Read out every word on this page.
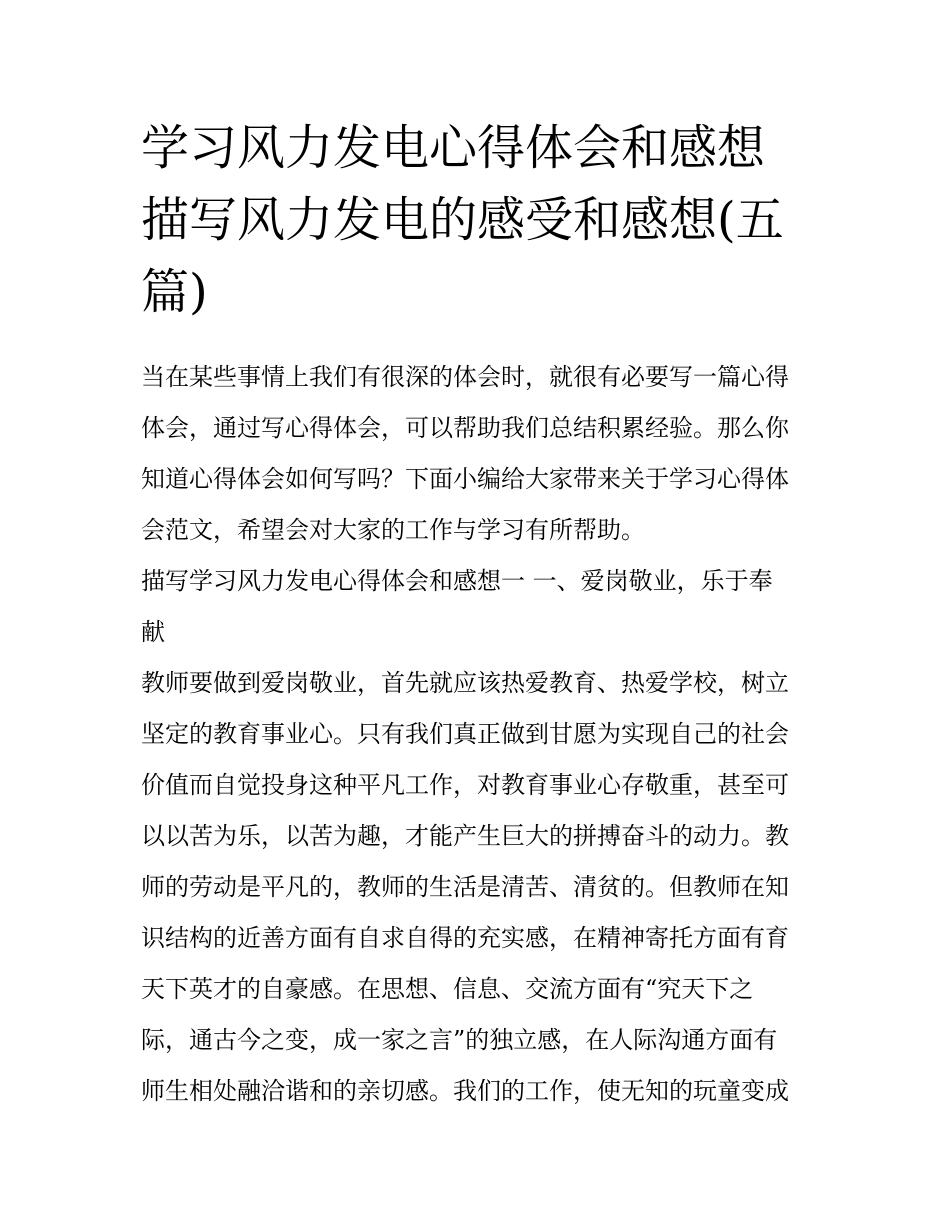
学习风力发电心得体会和感想
描写风力发电的感受和感想(五
篇)
当在某些事情上我们有很深的体会时，就很有必要写一篇心得
体会，通过写心得体会，可以帮助我们总结积累经验。那么你
知道心得体会如何写吗？下面小编给大家带来关于学习心得体
会范文，希望会对大家的工作与学习有所帮助。
描写学习风力发电心得体会和感想一 一、爱岗敬业，乐于奉
献
教师要做到爱岗敬业，首先就应该热爱教育、热爱学校，树立
坚定的教育事业心。只有我们真正做到甘愿为实现自己的社会
价值而自觉投身这种平凡工作，对教育事业心存敬重，甚至可
以以苦为乐，以苦为趣，才能产生巨大的拼搏奋斗的动力。教
师的劳动是平凡的，教师的生活是清苦、清贫的。但教师在知
识结构的近善方面有自求自得的充实感，在精神寄托方面有育
天下英才的自豪感。在思想、信息、交流方面有“究天下之
际，通古今之变，成一家之言”的独立感，在人际沟通方面有
师生相处融洽谐和的亲切感。我们的工作，使无知的玩童变成
